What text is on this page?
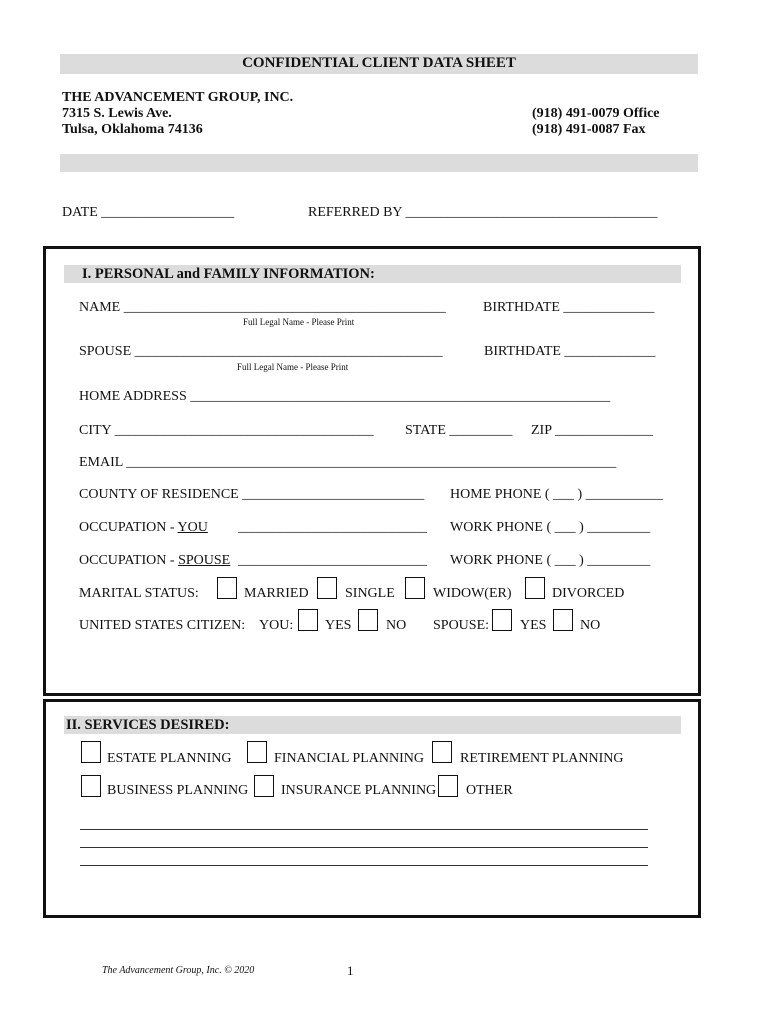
CONFIDENTIAL CLIENT DATA SHEET
THE ADVANCEMENT GROUP, INC.
7315 S. Lewis Ave.
Tulsa, Oklahoma 74136
(918) 491-0079 Office
(918) 491-0087 Fax
DATE ___________________	REFERRED BY ____________________________________
I. PERSONAL and FAMILY INFORMATION:
NAME ______________________________________________	BIRTHDATE _____________
Full Legal Name - Please Print
SPOUSE ____________________________________________	BIRTHDATE _____________
Full Legal Name - Please Print
HOME ADDRESS ____________________________________________________________
CITY _____________________________________ STATE _________ ZIP ______________
EMAIL ______________________________________________________________________
COUNTY OF RESIDENCE __________________________ HOME PHONE ( ___ ) ___________
OCCUPATION - YOU ___________________________ WORK PHONE ( ___ ) _________
OCCUPATION - SPOUSE ___________________________ WORK PHONE ( ___ ) _________
MARITAL STATUS:	MARRIED	SINGLE	WIDOW(ER)	DIVORCED
UNITED STATES CITIZEN: YOU: YES NO SPOUSE: YES NO
II. SERVICES DESIRED:
ESTATE PLANNING	FINANCIAL PLANNING	RETIREMENT PLANNING
BUSINESS PLANNING INSURANCE PLANNING OTHER
The Advancement Group, Inc. © 2020	1
